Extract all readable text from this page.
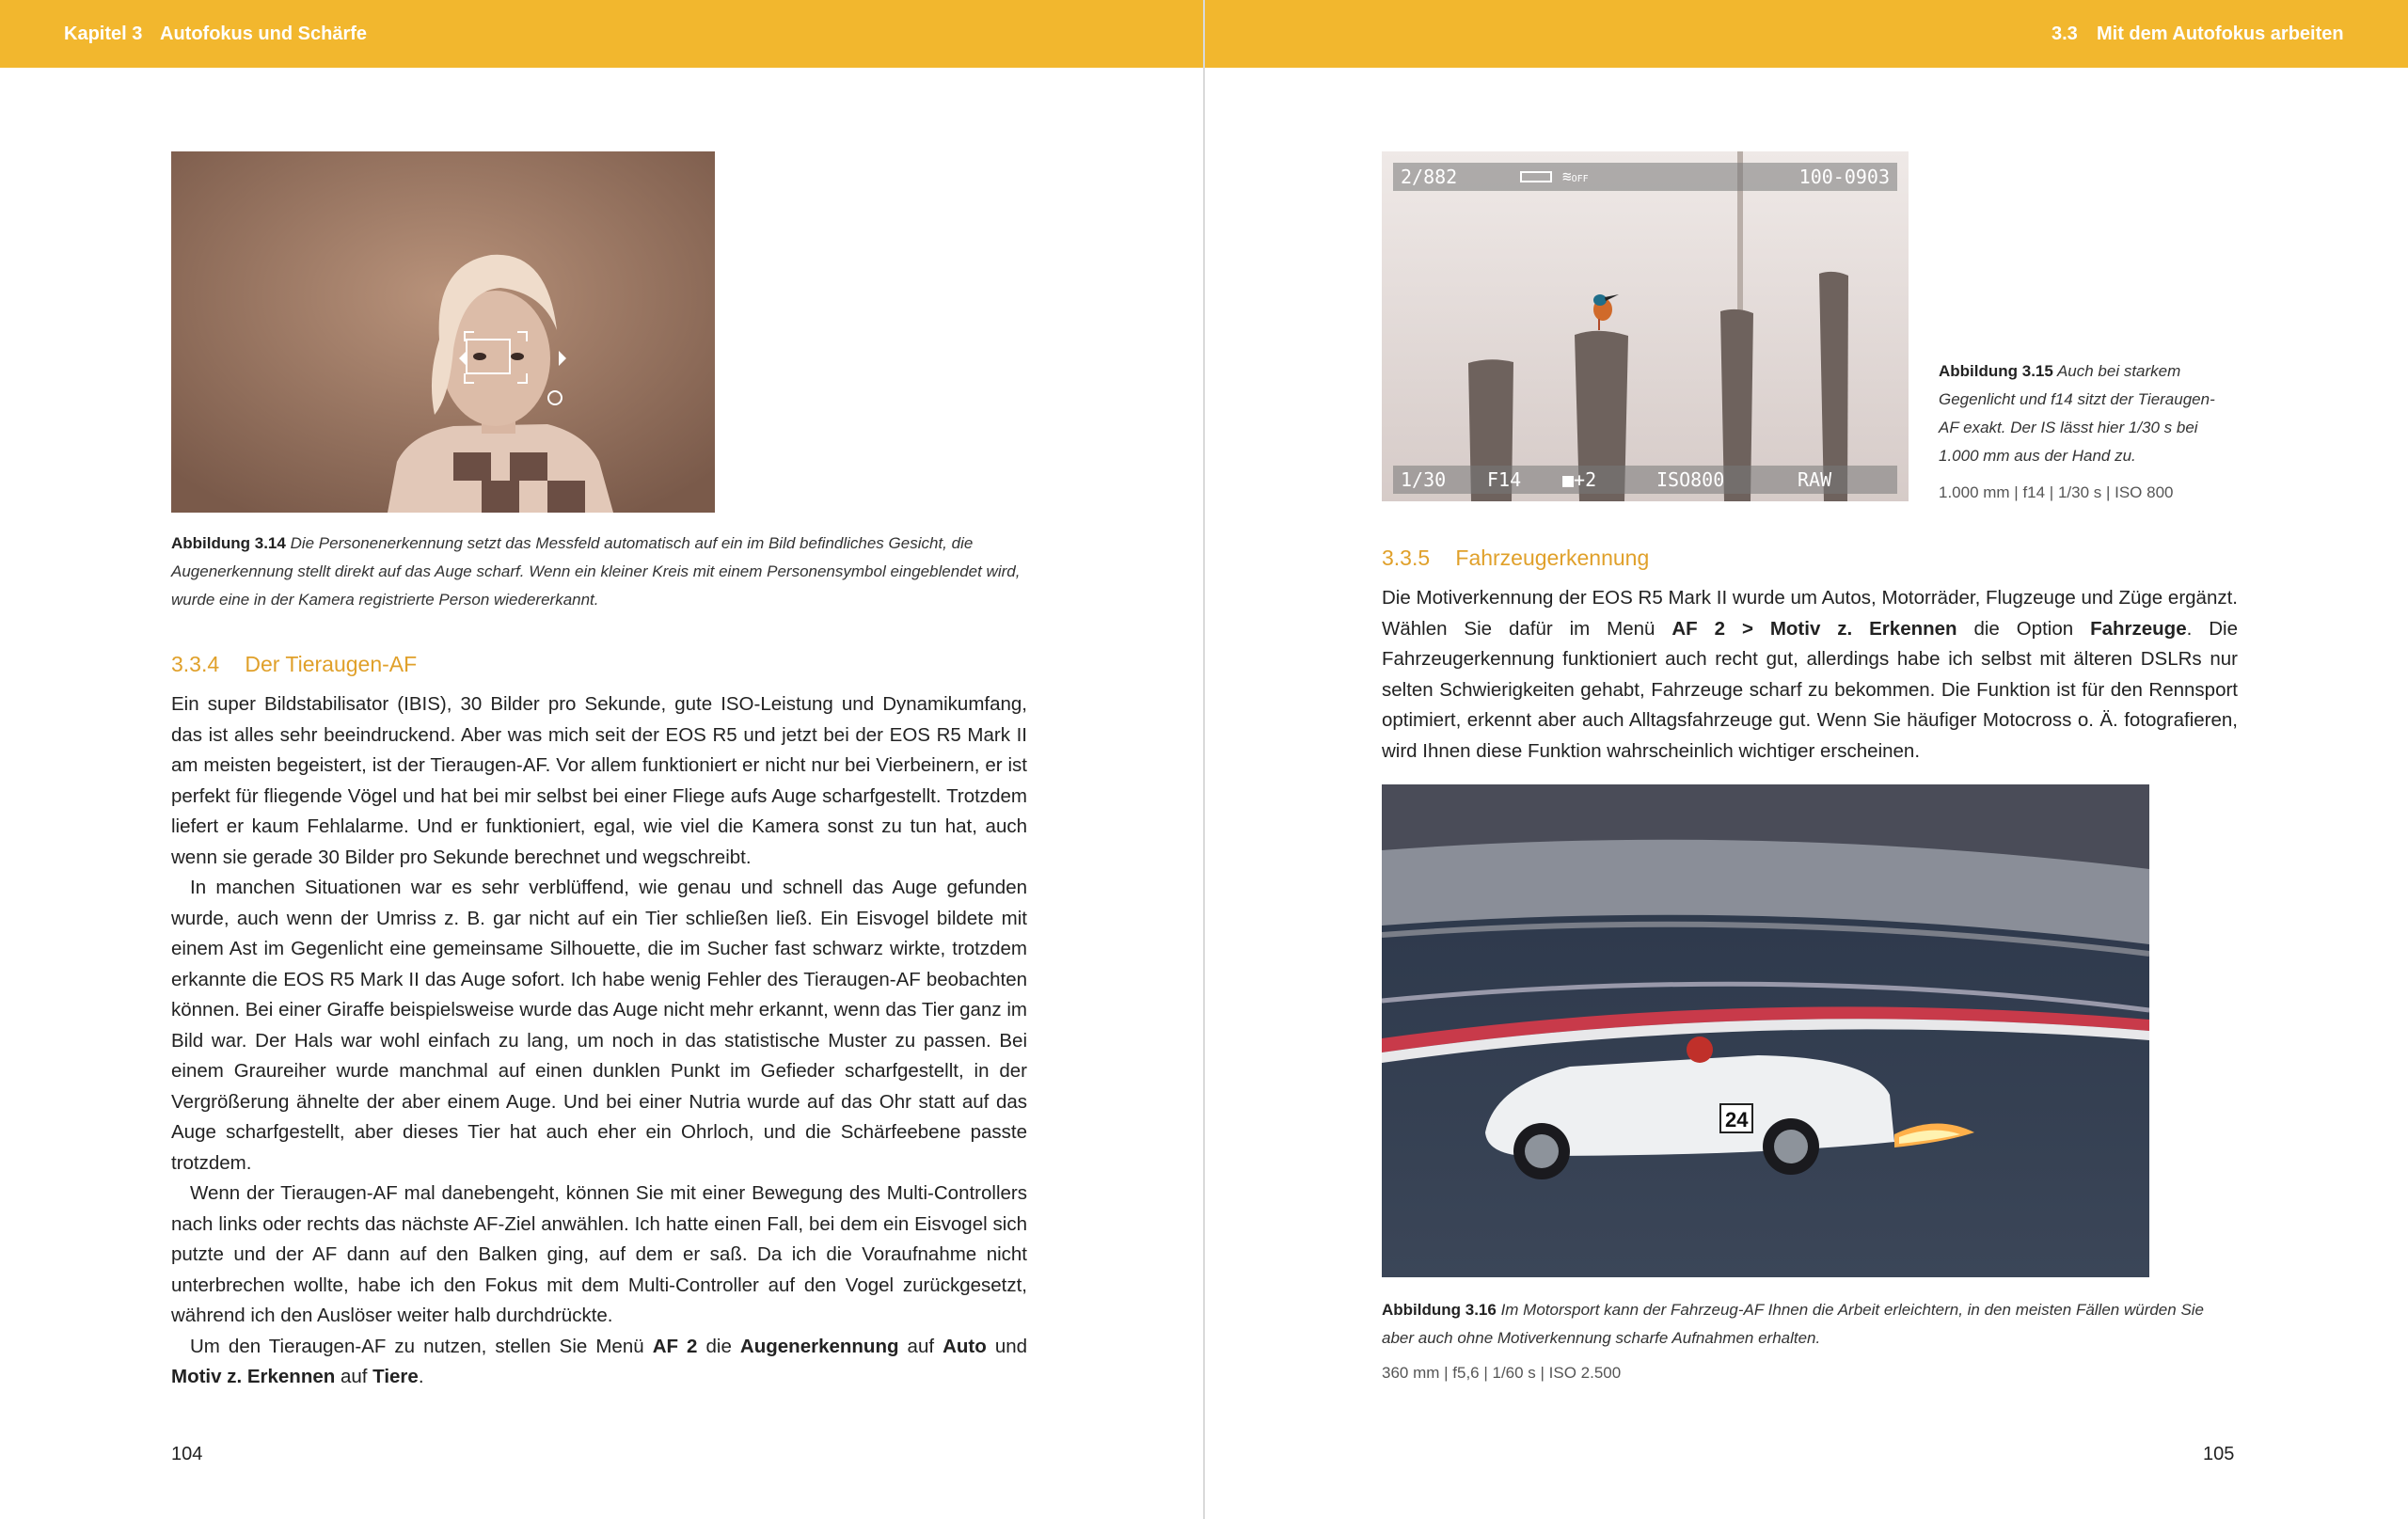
Kapitel 3 Autofokus und Schärfe
Abbildung 3.14 Die Personenerkennung setzt das Messfeld automatisch auf ein im Bild befindliches Gesicht, die Augenerkennung stellt direkt auf das Auge scharf. Wenn ein kleiner Kreis mit einem Personensymbol eingeblendet wird, wurde eine in der Kamera registrierte Person wiedererkannt.
3.3.4 Der Tieraugen-AF

Ein super Bildstabilisator (IBIS), 30 Bilder pro Sekunde, gute ISO-Leistung und Dynamikumfang, das ist alles sehr beeindruckend. Aber was mich seit der EOS R5 und jetzt bei der EOS R5 Mark II am meisten begeistert, ist der Tieraugen-AF. Vor allem funktioniert er nicht nur bei Vierbeinern, er ist perfekt für fliegende Vögel und hat bei mir selbst bei einer Fliege aufs Auge scharfgestellt. Trotzdem liefert er kaum Fehlalarme. Und er funktioniert, egal, wie viel die Kamera sonst zu tun hat, auch wenn sie gerade 30 Bilder pro Sekunde berechnet und wegschreibt.

In manchen Situationen war es sehr verblüffend, wie genau und schnell das Auge gefunden wurde, auch wenn der Umriss z. B. gar nicht auf ein Tier schließen ließ. Ein Eisvogel bildete mit einem Ast im Gegenlicht eine gemeinsame Silhouette, die im Sucher fast schwarz wirkte, trotzdem erkannte die EOS R5 Mark II das Auge sofort. Ich habe wenig Fehler des Tieraugen-AF beobachten können. Bei einer Giraffe beispielsweise wurde das Auge nicht mehr erkannt, wenn das Tier ganz im Bild war. Der Hals war wohl einfach zu lang, um noch in das statistische Muster zu passen. Bei einem Graureiher wurde manchmal auf einen dunklen Punkt im Gefieder scharfgestellt, in der Vergrößerung ähnelte der aber einem Auge. Und bei einer Nutria wurde auf das Ohr statt auf das Auge scharfgestellt, aber dieses Tier hat auch eher ein Ohrloch, und die Schärfeebene passte trotzdem.

Wenn der Tieraugen-AF mal danebengeht, können Sie mit einer Bewegung des Multi-Controllers nach links oder rechts das nächste AF-Ziel anwählen. Ich hatte einen Fall, bei dem ein Eisvogel sich putzte und der AF dann auf den Balken ging, auf dem er saß. Da ich die Voraufnahme nicht unterbrechen wollte, habe ich den Fokus mit dem Multi-Controller auf den Vogel zurückgesetzt, während ich den Auslöser weiter halb durchdrückte.

Um den Tieraugen-AF zu nutzen, stellen Sie Menü AF 2 die Augenerkennung auf Auto und Motiv z. Erkennen auf Tiere.

104
3.3 Mit dem Autofokus arbeiten
2/882	≋OFF	100-0903
1/30 F14 ■+2	ISO800	RAW
Abbildung 3.15 Auch bei starkem Gegenlicht und f14 sitzt der Tieraugen-AF exakt. Der IS lässt hier 1/30 s bei 1.000 mm aus der Hand zu.
1.000 mm | f14 | 1/30 s | ISO 800
3.3.5 Fahrzeugerkennung

Die Motiverkennung der EOS R5 Mark II wurde um Autos, Motorräder, Flugzeuge und Züge ergänzt. Wählen Sie dafür im Menü AF 2 > Motiv z. Erkennen die Option Fahrzeuge. Die Fahrzeugerkennung funktioniert auch recht gut, allerdings habe ich selbst mit älteren DSLRs nur selten Schwierigkeiten gehabt, Fahrzeuge scharf zu bekommen. Die Funktion ist für den Rennsport optimiert, erkennt aber auch Alltagsfahrzeuge gut. Wenn Sie häufiger Motocross o. Ä. fotografieren, wird Ihnen diese Funktion wahrscheinlich wichtiger erscheinen.

24
Abbildung 3.16 Im Motorsport kann der Fahrzeug-AF Ihnen die Arbeit erleichtern, in den meisten Fällen würden Sie aber auch ohne Motiverkennung scharfe Aufnahmen erhalten.
360 mm | f5,6 | 1/60 s | ISO 2.500
105
